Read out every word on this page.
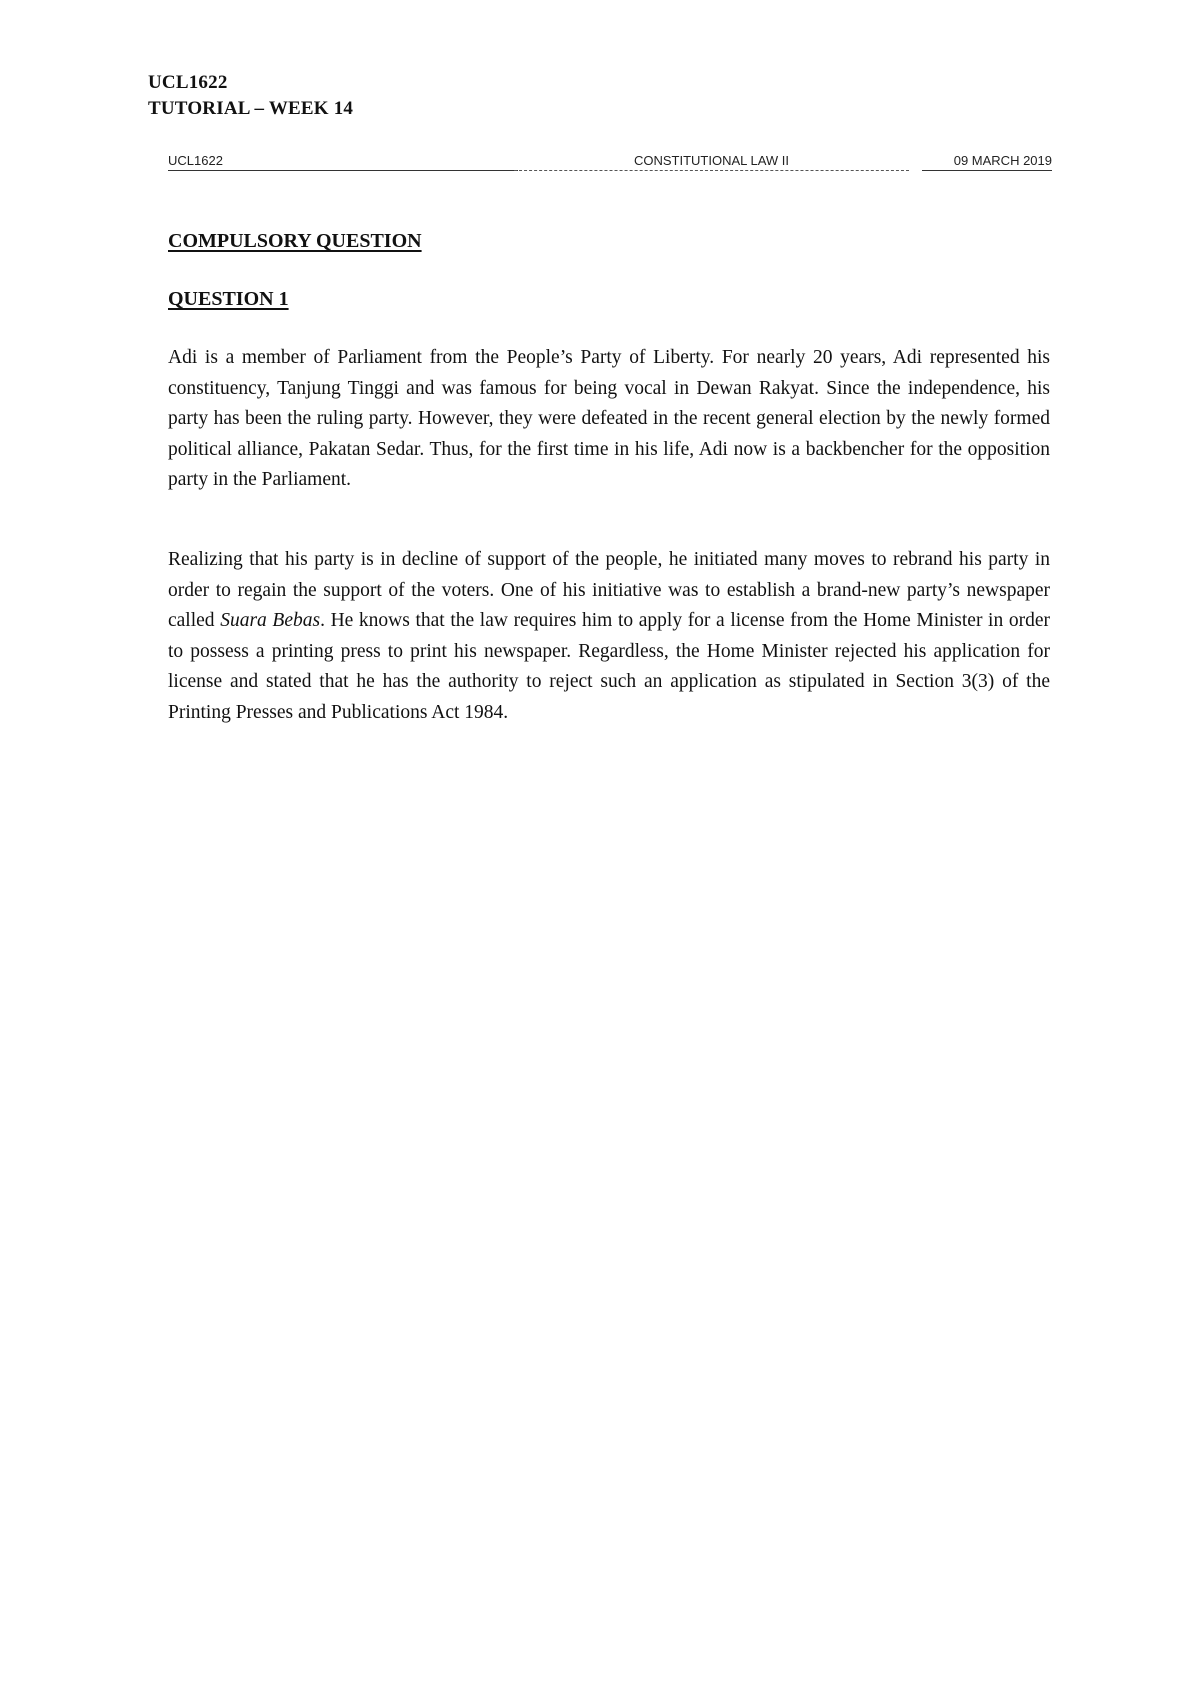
UCL1622
TUTORIAL – WEEK 14
UCL1622	CONSTITUTIONAL LAW II	09 MARCH 2019
COMPULSORY QUESTION
QUESTION 1

Adi is a member of Parliament from the People’s Party of Liberty. For nearly 20 years, Adi represented his constituency, Tanjung Tinggi and was famous for being vocal in Dewan Rakyat. Since the independence, his party has been the ruling party. However, they were defeated in the recent general election by the newly formed political alliance, Pakatan Sedar. Thus, for the first time in his life, Adi now is a backbencher for the opposition party in the Parliament.

Realizing that his party is in decline of support of the people, he initiated many moves to rebrand his party in order to regain the support of the voters. One of his initiative was to establish a brand-new party’s newspaper called Suara Bebas. He knows that the law requires him to apply for a license from the Home Minister in order to possess a printing press to print his newspaper. Regardless, the Home Minister rejected his application for license and stated that he has the authority to reject such an application as stipulated in Section 3(3) of the Printing Presses and Publications Act 1984.
